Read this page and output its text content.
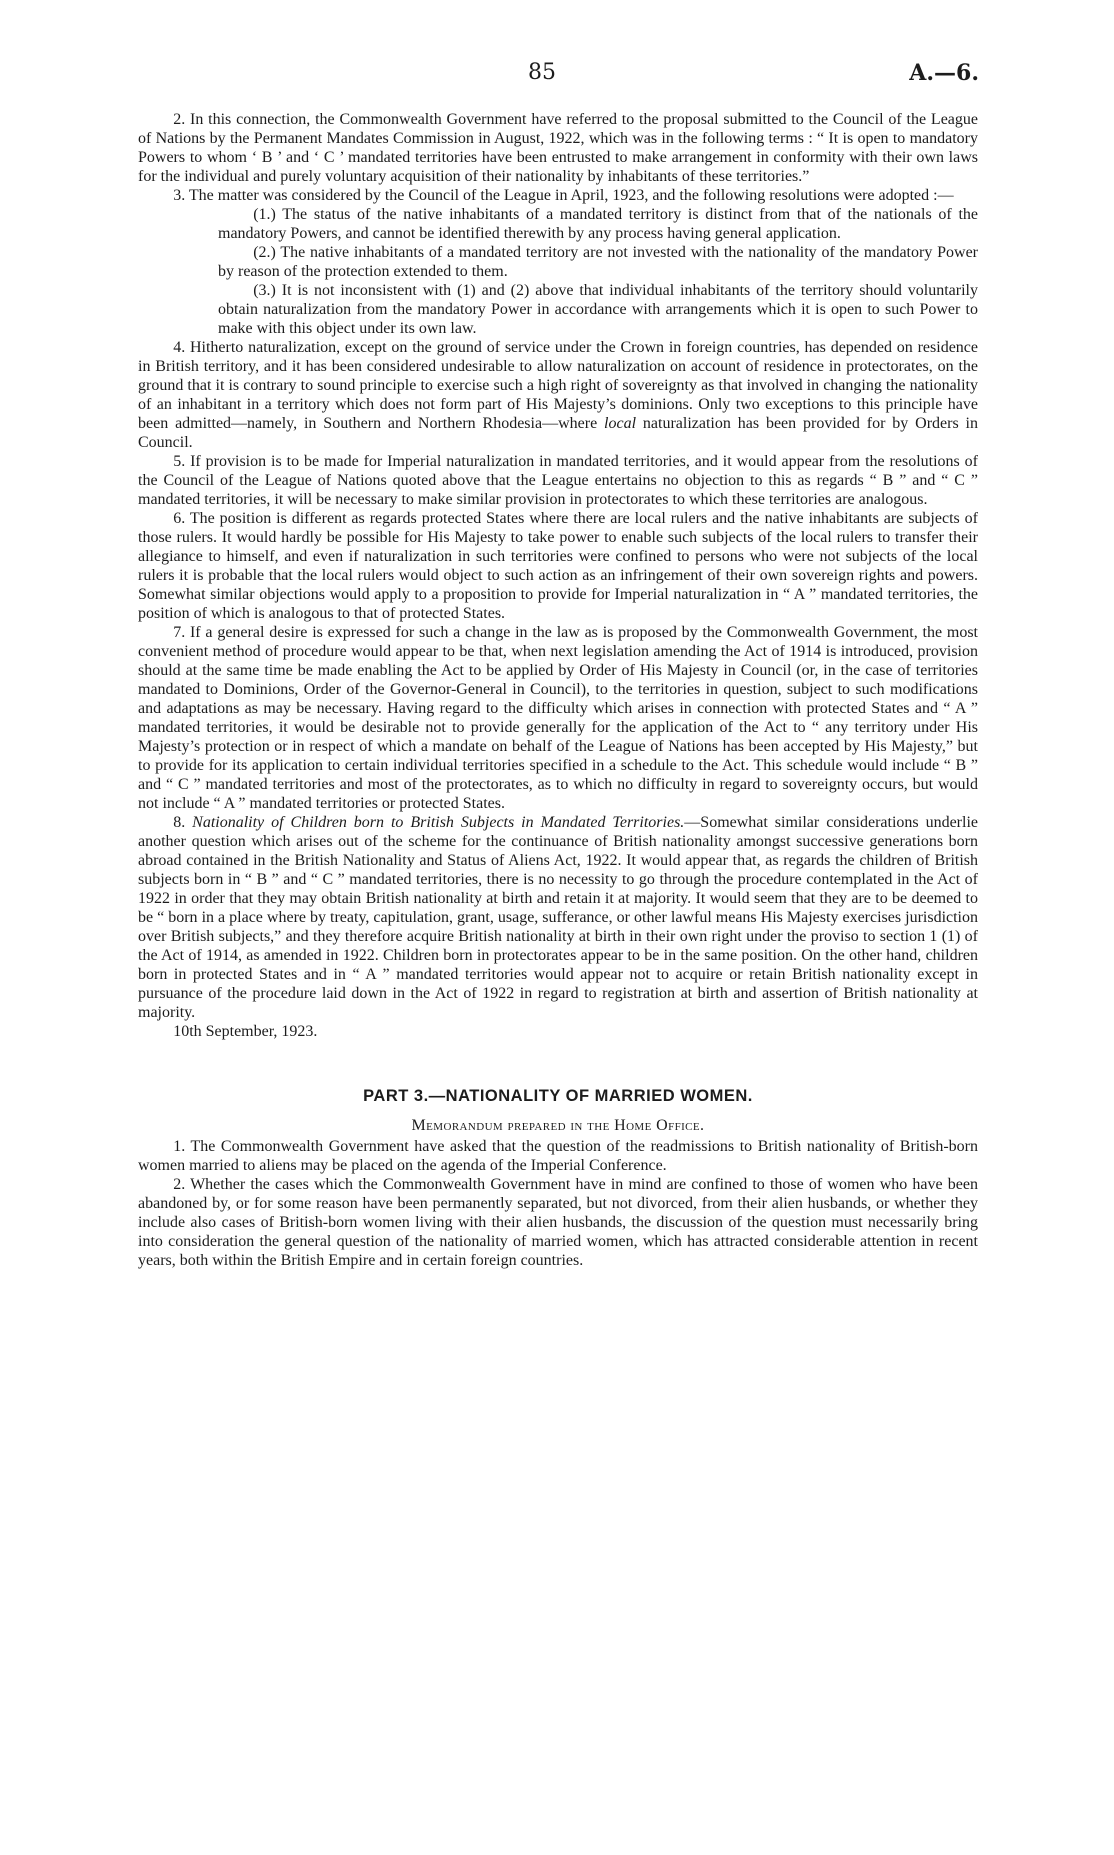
85	A.—6.

2. In this connection, the Commonwealth Government have referred to the proposal submitted to the Council of the League of Nations by the Permanent Mandates Commission in August, 1922, which was in the following terms : “ It is open to mandatory Powers to whom ‘ B ’ and ‘ C ’ mandated territories have been entrusted to make arrangement in conformity with their own laws for the individual and purely voluntary acquisition of their nationality by inhabitants of these territories.”

3. The matter was considered by the Council of the League in April, 1923, and the following resolutions were adopted :—

(1.) The status of the native inhabitants of a mandated territory is distinct from that of the nationals of the mandatory Powers, and cannot be identified therewith by any process having general application.

(2.) The native inhabitants of a mandated territory are not invested with the nationality of the mandatory Power by reason of the protection extended to them.

(3.) It is not inconsistent with (1) and (2) above that individual inhabitants of the territory should voluntarily obtain naturalization from the mandatory Power in accordance with arrangements which it is open to such Power to make with this object under its own law.

4. Hitherto naturalization, except on the ground of service under the Crown in foreign countries, has depended on residence in British territory, and it has been considered undesirable to allow naturalization on account of residence in protectorates, on the ground that it is contrary to sound principle to exercise such a high right of sovereignty as that involved in changing the nationality of an inhabitant in a territory which does not form part of His Majesty’s dominions. Only two exceptions to this principle have been admitted—namely, in Southern and Northern Rhodesia—where local naturalization has been provided for by Orders in Council.

5. If provision is to be made for Imperial naturalization in mandated territories, and it would appear from the resolutions of the Council of the League of Nations quoted above that the League entertains no objection to this as regards “ B ” and “ C ” mandated territories, it will be necessary to make similar provision in protectorates to which these territories are analogous.

6. The position is different as regards protected States where there are local rulers and the native inhabitants are subjects of those rulers. It would hardly be possible for His Majesty to take power to enable such subjects of the local rulers to transfer their allegiance to himself, and even if naturalization in such territories were confined to persons who were not subjects of the local rulers it is probable that the local rulers would object to such action as an infringement of their own sovereign rights and powers. Somewhat similar objections would apply to a proposition to provide for Imperial naturalization in “ A ” mandated territories, the position of which is analogous to that of protected States.

7. If a general desire is expressed for such a change in the law as is proposed by the Commonwealth Government, the most convenient method of procedure would appear to be that, when next legislation amending the Act of 1914 is introduced, provision should at the same time be made enabling the Act to be applied by Order of His Majesty in Council (or, in the case of territories mandated to Dominions, Order of the Governor-General in Council), to the territories in question, subject to such modifications and adaptations as may be necessary. Having regard to the difficulty which arises in connection with protected States and “ A ” mandated territories, it would be desirable not to provide generally for the application of the Act to “ any territory under His Majesty’s protection or in respect of which a mandate on behalf of the League of Nations has been accepted by His Majesty,” but to provide for its application to certain individual territories specified in a schedule to the Act. This schedule would include “ B ” and “ C ” mandated territories and most of the protectorates, as to which no difficulty in regard to sovereignty occurs, but would not include “ A ” mandated territories or protected States.

8. Nationality of Children born to British Subjects in Mandated Territories.—Somewhat similar considerations underlie another question which arises out of the scheme for the continuance of British nationality amongst successive generations born abroad contained in the British Nationality and Status of Aliens Act, 1922. It would appear that, as regards the children of British subjects born in “ B ” and “ C ” mandated territories, there is no necessity to go through the procedure contemplated in the Act of 1922 in order that they may obtain British nationality at birth and retain it at majority. It would seem that they are to be deemed to be “ born in a place where by treaty, capitulation, grant, usage, sufferance, or other lawful means His Majesty exercises jurisdiction over British subjects,” and they therefore acquire British nationality at birth in their own right under the proviso to section 1 (1) of the Act of 1914, as amended in 1922. Children born in protectorates appear to be in the same position. On the other hand, children born in protected States and in “ A ” mandated territories would appear not to acquire or retain British nationality except in pursuance of the procedure laid down in the Act of 1922 in regard to registration at birth and assertion of British nationality at majority.

10th September, 1923.

PART 3.—NATIONALITY OF MARRIED WOMEN.
Memorandum prepared in the Home Office.

1. The Commonwealth Government have asked that the question of the readmissions to British nationality of British-born women married to aliens may be placed on the agenda of the Imperial Conference.

2. Whether the cases which the Commonwealth Government have in mind are confined to those of women who have been abandoned by, or for some reason have been permanently separated, but not divorced, from their alien husbands, or whether they include also cases of British-born women living with their alien husbands, the discussion of the question must necessarily bring into consideration the general question of the nationality of married women, which has attracted considerable attention in recent years, both within the British Empire and in certain foreign countries.
